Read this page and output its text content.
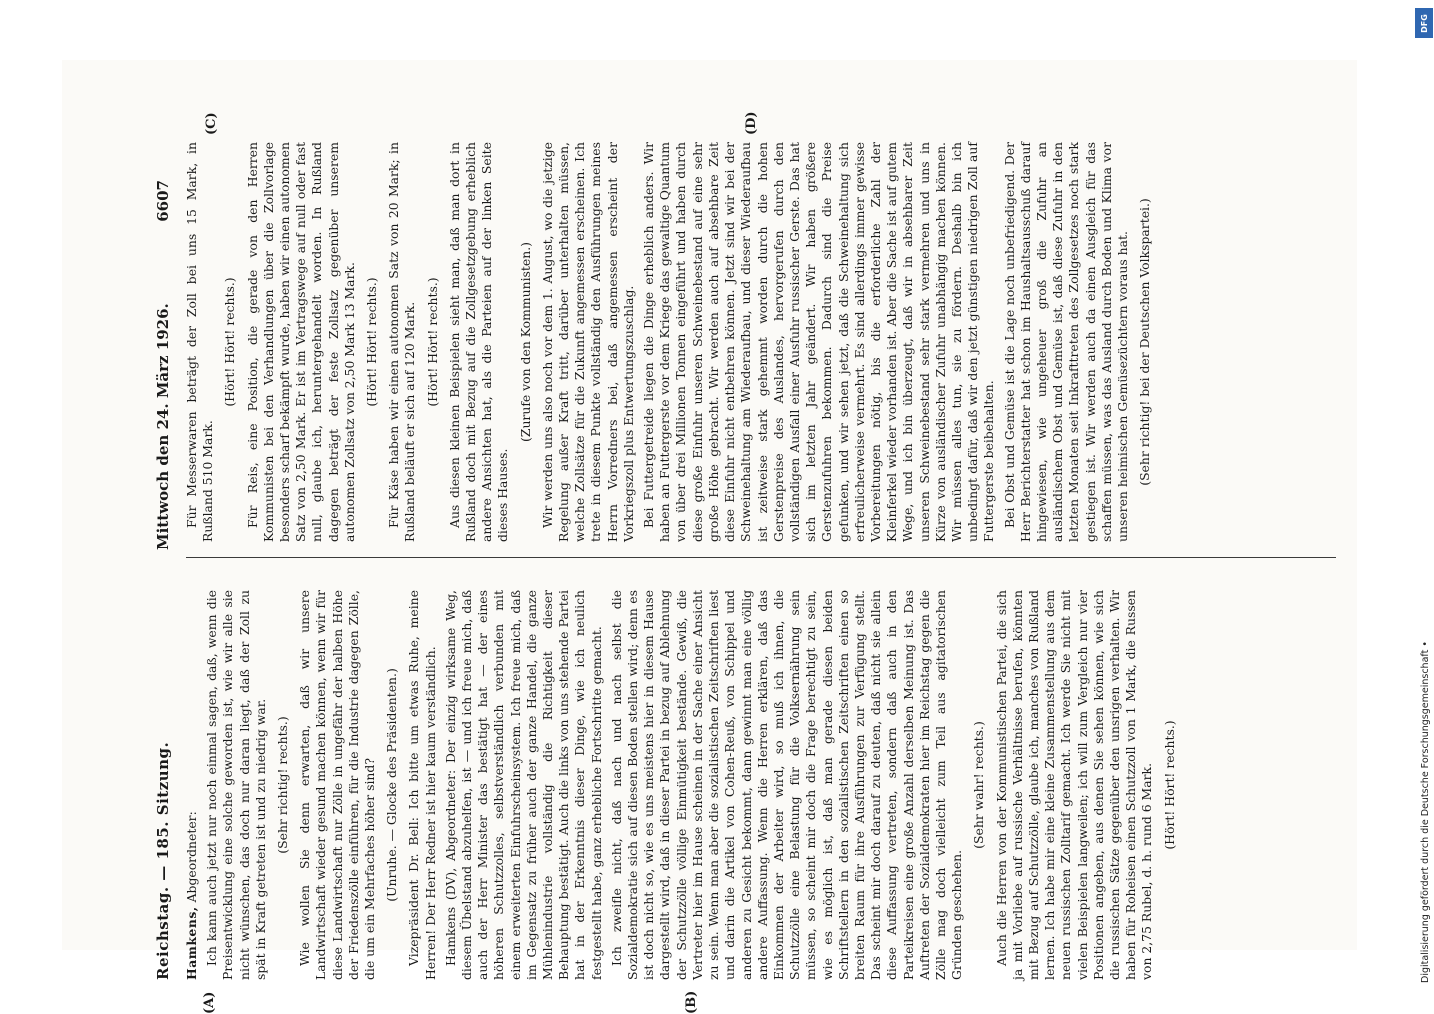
Reichstag. — 185. Sitzung.
Mittwoch den 24. März 1926.
6607
(A)	(B)
(C)	(D)

Hamkens, Abgeordneter: Ich kann auch jetzt nur noch einmal sagen, daß, wenn die Preisentwicklung eine solche geworden ist, wie wir alle sie nicht wünschen, das doch nur daran liegt, daß der Zoll zu spät in Kraft getreten ist und zu niedrig war. (Sehr richtig! rechts.) Wie wollen Sie denn erwarten, daß wir unsere Landwirtschaft wieder gesund machen können, wenn wir für diese Landwirtschaft nur Zölle in ungefähr der halben Höhe der Friedenszölle einführen, für die Industrie dagegen Zölle, die um ein Mehrfaches höher sind? (Unruhe. — Glocke des Präsidenten.) Vizepräsident Dr. Bell: Ich bitte um etwas Ruhe, meine Herren! Der Herr Redner ist hier kaum verständlich. Hamkens (DV), Abgeordneter: Der einzig wirksame Weg, diesem Übelstand abzuhelfen, ist — und ich freue mich, daß auch der Herr Minister das bestätigt hat — der eines höheren Schutzzolles, selbstverständlich verbunden mit einem erweiterten Einfuhrscheinsystem. Ich freue mich, daß im Gegensatz zu früher auch der ganze Handel, die ganze Mühlenindustrie vollständig die Richtigkeit dieser Behauptung bestätigt. Auch die links von uns stehende Partei hat in der Erkenntnis dieser Dinge, wie ich neulich festgestellt habe, ganz erhebliche Fortschritte gemacht. Ich zweifle nicht, daß nach und nach selbst die Sozialdemokratie sich auf diesen Boden stellen wird; denn es ist doch nicht so, wie es uns meistens hier in diesem Hause dargestellt wird, daß in dieser Partei in bezug auf Ablehnung der Schutzzölle völlige Einmütigkeit bestände. Gewiß, die Vertreter hier im Hause scheinen in der Sache einer Ansicht zu sein. Wenn man aber die sozialistischen Zeitschriften liest und darin die Artikel von Cohen-Reuß, von Schippel und anderen zu Gesicht bekommt, dann gewinnt man eine völlig andere Auffassung. Wenn die Herren erklären, daß das Einkommen der Arbeiter wird, so muß ich ihnen, die Schutzzölle eine Belastung für die Volksernährung sein müssen, so scheint mir doch die Frage berechtigt zu sein, wie es möglich ist, daß man gerade diesen beiden Schriftstellern in den sozialistischen Zeitschriften einen so breiten Raum für ihre Ausführungen zur Verfügung stellt. Das scheint mir doch darauf zu deuten, daß nicht sie allein diese Auffassung vertreten, sondern daß auch in den Parteikreisen eine große Anzahl derselben Meinung ist. Das Auftreten der Sozialdemokraten hier im Reichstag gegen die Zölle mag doch vielleicht zum Teil aus agitatorischen Gründen geschehen.

(Sehr wahr! rechts.) Auch die Herren von der Kommunistischen Partei, die sich ja mit Vorliebe auf russische Verhältnisse berufen, könnten mit Bezug auf Schutzzölle, glaube ich, manches von Rußland lernen. Ich habe mir eine kleine Zusammenstellung aus dem neuen russischen Zolltarif gemacht. Ich werde Sie nicht mit vielen Beispielen langweilen; ich will zum Vergleich nur vier Positionen angeben, aus denen Sie sehen können, wie sich die russischen Sätze gegenüber den unsrigen verhalten. Wir haben für Roheisen einen Schutzzoll von 1 Mark, die Russen von 2,75 Rubel, d. h. rund 6 Mark. (Hört! Hört! rechts.)

Für Messerwaren beträgt der Zoll bei uns 15 Mark, in Rußland 510 Mark.

(Hört! Hört! rechts.) Für Reis, eine Position, die gerade von den Herren Kommunisten bei den Verhandlungen über die Zollvorlage besonders scharf bekämpft wurde, haben wir einen autonomen Satz von 2,50 Mark. Er ist im Vertragswege auf null oder fast null, glaube ich, heruntergehandelt worden. In Rußland dagegen beträgt der feste Zollsatz gegenüber unserem autonomen Zollsatz von 2,50 Mark 13 Mark. (Hört! Hört! rechts.) Für Käse haben wir einen autonomen Satz von 20 Mark; in Rußland beläuft er sich auf 120 Mark. (Hört! Hört! rechts.) Aus diesen kleinen Beispielen sieht man, daß man dort in Rußland doch mit Bezug auf die Zollgesetzgebung erheblich andere Ansichten hat, als die Parteien auf der linken Seite dieses Hauses.

(Zurufe von den Kommunisten.) Wir werden uns also noch vor dem 1. August, wo die jetzige Regelung außer Kraft tritt, darüber unterhalten müssen, welche Zollsätze für die Zukunft angemessen erscheinen. Ich trete in diesem Punkte vollständig den Ausführungen meines Herrn Vorredners bei, daß angemessen erscheint der Vorkriegszoll plus Entwertungszuschlag. Bei Futtergetreide liegen die Dinge erheblich anders. Wir haben an Futtergerste vor dem Kriege das gewaltige Quantum von über drei Millionen Tonnen eingeführt und haben durch diese große Einfuhr unseren Schweinebestand auf eine sehr große Höhe gebracht. Wir werden auch auf absehbare Zeit diese Einfuhr nicht entbehren können. Jetzt sind wir bei der Schweinehaltung am Wiederaufbau, und dieser Wiederaufbau ist zeitweise stark gehemmt worden durch die hohen Gerstenpreise des Auslandes, hervorgerufen durch den vollständigen Ausfall einer Ausfuhr russischer Gerste. Das hat sich im letzten Jahr geändert. Wir haben größere Gerstenzufuhren bekommen. Dadurch sind die Preise gefunken, und wir sehen jetzt, daß die Schweinehaltung sich erfreulicherweise vermehrt. Es sind allerdings immer gewisse Vorbereitungen nötig, bis die erforderliche Zahl der Kleinferkel wieder vorhanden ist. Aber die Sache ist auf gutem Wege, und ich bin überzeugt, daß wir in absehbarer Zeit unseren Schweinebestand sehr stark vermehren und uns in Kürze von ausländischer Zufuhr unabhängig machen können. Wir müssen alles tun, sie zu fördern. Deshalb bin ich unbedingt dafür, daß wir den jetzt günstigen niedrigen Zoll auf Futtergerste beibehalten. Bei Obst und Gemüse ist die Lage noch unbefriedigend. Der Herr Berichterstatter hat schon im Haushaltsausschuß darauf hingewiesen, wie ungeheuer groß die Zufuhr an ausländischem Obst und Gemüse ist, daß diese Zufuhr in den letzten Monaten seit Inkrafttreten des Zollgesetzes noch stark gestiegen ist. Wir werden auch da einen Ausgleich für das schaffen müssen, was das Ausland durch Boden und Klima vor unseren heimischen Gemüsezüchtern voraus hat. (Sehr richtig! bei der Deutschen Volkspartei.)

Digitalisierung gefördert durch die Deutsche Forschungsgemeinschaft •
DFG
